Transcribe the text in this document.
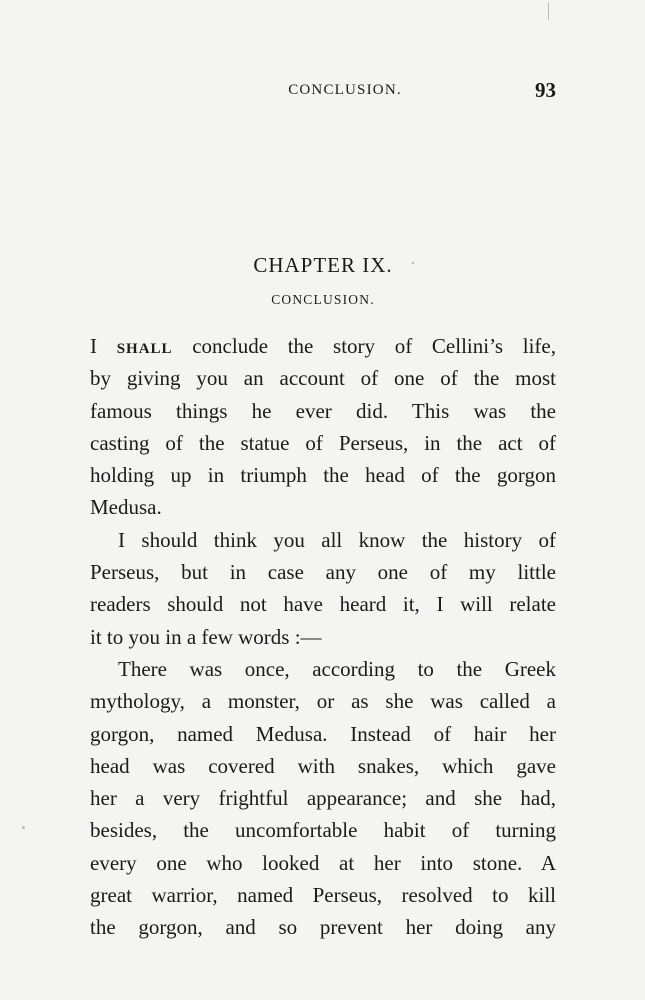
CONCLUSION.	93
CHAPTER IX.
CONCLUSION.
I shall conclude the story of Cellini’s life,
by giving you an account of one of the most
famous things he ever did. This was the
casting of the statue of Perseus, in the act of
holding up in triumph the head of the gorgon
Medusa.
I should think you all know the history of
Perseus, but in case any one of my little
readers should not have heard it, I will relate
it to you in a few words :—
There was once, according to the Greek
mythology, a monster, or as she was called a
gorgon, named Medusa. Instead of hair her
head was covered with snakes, which gave
her a very frightful appearance; and she had,
besides, the uncomfortable habit of turning
every one who looked at her into stone. A
great warrior, named Perseus, resolved to kill
the gorgon, and so prevent her doing any
